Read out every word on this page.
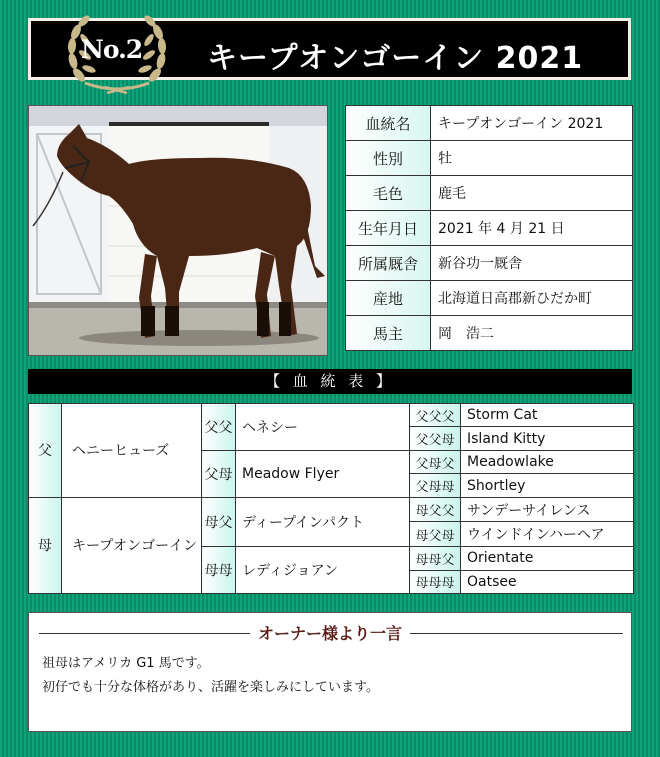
No.2 キープオンゴーイン 2021
血統名	キープオンゴーイン 2021
性別	牡
毛色	鹿毛
生年月日	2021 年 4 月 21 日
所属厩舎	新谷功一厩舎
産地	北海道日高郡新ひだか町
馬主	岡　浩二
【 血 統 表 】
父	ヘニーヒューズ	父父	ヘネシー	父父父	Storm Cat
				父父母	Island Kitty
		父母	Meadow Flyer	父母父	Meadowlake
				父母母	Shortley
母	キープオンゴーイン	母父	ディープインパクト	母父父	サンデーサイレンス
				母父母	ウインドインハーヘア
		母母	レディジョアン	母母父	Orientate
				母母母	Oatsee
オーナー様より一言
祖母はアメリカ G1 馬です。
初仔でも十分な体格があり、活躍を楽しみにしています。
